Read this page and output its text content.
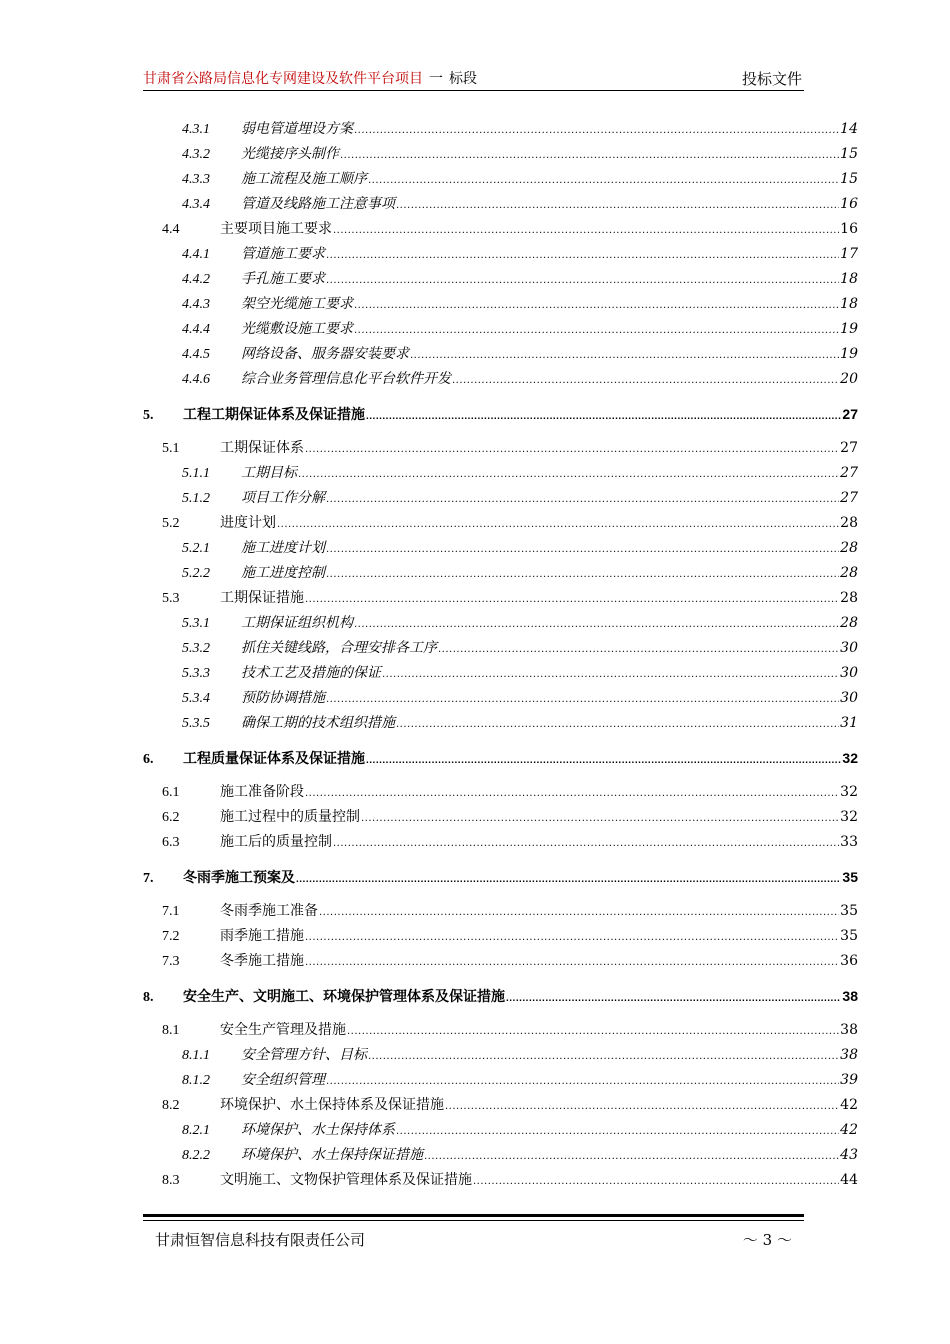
甘肃省公路局信息化专网建设及软件平台项目 一 标段	投标文件
4.3.1	弱电管道埋设方案 .....	14
4.3.2	光缆接序头制作 .....	15
4.3.3	施工流程及施工顺序 .....	15
4.3.4	管道及线路施工注意事项 .....	16
4.4	主要项目施工要求 .....	16
4.4.1	管道施工要求 .....	17
4.4.2	手孔施工要求 .....	18
4.4.3	架空光缆施工要求 .....	18
4.4.4	光缆敷设施工要求 .....	19
4.4.5	网络设备、服务器安装要求 .....	19
4.4.6	综合业务管理信息化平台软件开发 .....	20
5.	工程工期保证体系及保证措施 .....	27
5.1	工期保证体系 .....	27
5.1.1	工期目标 .....	27
5.1.2	项目工作分解 .....	27
5.2	进度计划 .....	28
5.2.1	施工进度计划 .....	28
5.2.2	施工进度控制 .....	28
5.3	工期保证措施 .....	28
5.3.1	工期保证组织机构 .....	28
5.3.2	抓住关键线路，合理安排各工序 .....	30
5.3.3	技术工艺及措施的保证 .....	30
5.3.4	预防协调措施 .....	30
5.3.5	确保工期的技术组织措施 .....	31
6.	工程质量保证体系及保证措施 .....	32
6.1	施工准备阶段 .....	32
6.2	施工过程中的质量控制 .....	32
6.3	施工后的质量控制 .....	33
7.	冬雨季施工预案及 .....	35
7.1	冬雨季施工准备 .....	35
7.2	雨季施工措施 .....	35
7.3	冬季施工措施 .....	36
8.	安全生产、文明施工、环境保护管理体系及保证措施 .....	38
8.1	安全生产管理及措施 .....	38
8.1.1	安全管理方针、目标 .....	38
8.1.2	安全组织管理 .....	39
8.2	环境保护、水土保持体系及保证措施 .....	42
8.2.1	环境保护、水土保持体系 .....	42
8.2.2	环境保护、水土保持保证措施 .....	43
8.3	文明施工、文物保护管理体系及保证措施 .....	44
甘肃恒智信息科技有限责任公司	～ 3 ～
